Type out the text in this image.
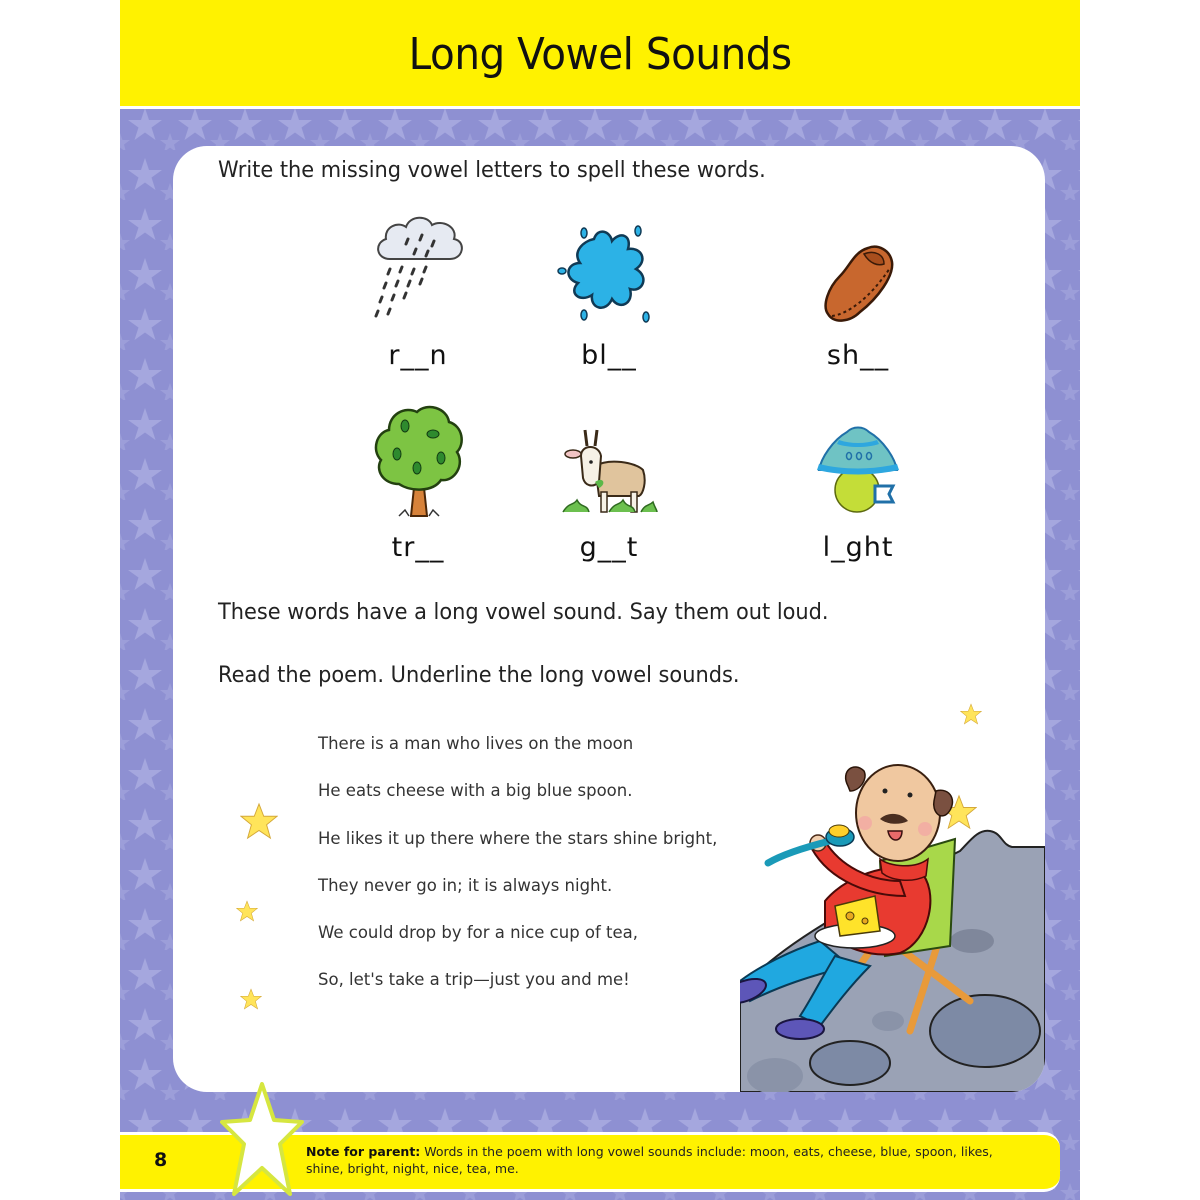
Long Vowel Sounds
Write the missing vowel letters to spell these words.
r__n	bl__	sh__
tr__	g__t	l_ght
These words have a long vowel sound. Say them out loud.
Read the poem. Underline the long vowel sounds.
There is a man who lives on the moon
He eats cheese with a big blue spoon.
He likes it up there where the stars shine bright,
They never go in; it is always night.
We could drop by for a nice cup of tea,
So, let's take a trip—just you and me!
8	Note for parent: Words in the poem with long vowel sounds include: moon, eats, cheese, blue, spoon, likes, shine, bright, night, nice, tea, me.
